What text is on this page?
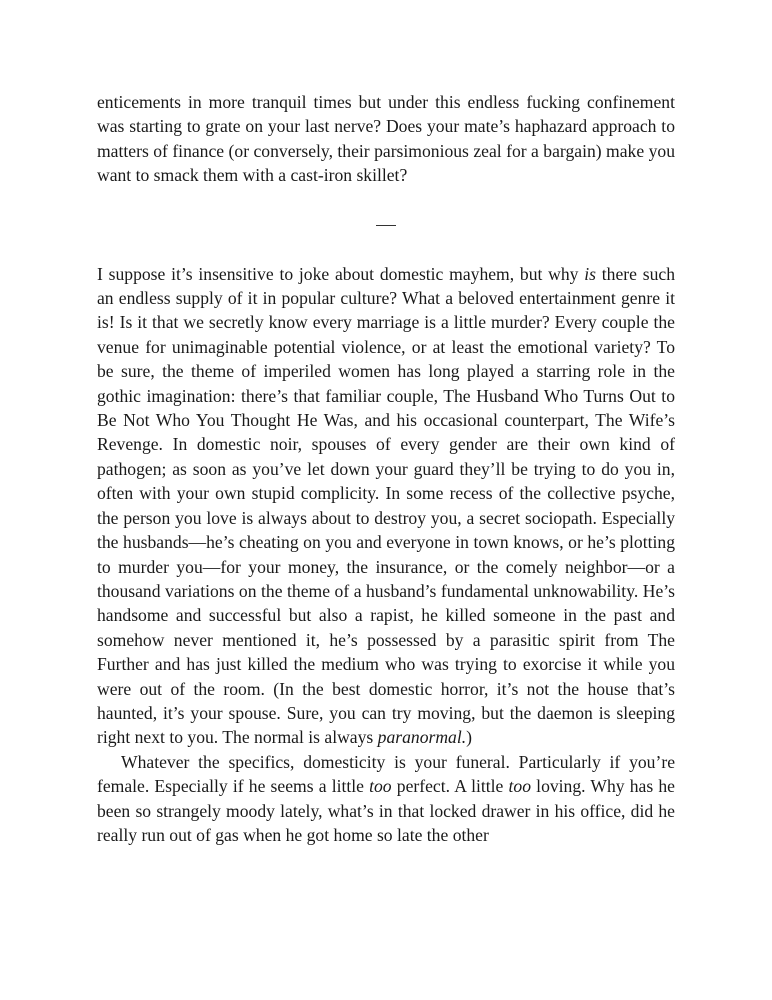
enticements in more tranquil times but under this endless fucking confinement was starting to grate on your last nerve? Does your mate’s haphazard approach to matters of finance (or conversely, their parsimonious zeal for a bargain) make you want to smack them with a cast-iron skillet?

I suppose it’s insensitive to joke about domestic mayhem, but why is there such an endless supply of it in popular culture? What a beloved entertainment genre it is! Is it that we secretly know every marriage is a little murder? Every couple the venue for unimaginable potential violence, or at least the emotional variety? To be sure, the theme of imperiled women has long played a starring role in the gothic imagination: there’s that familiar couple, The Husband Who Turns Out to Be Not Who You Thought He Was, and his occasional counterpart, The Wife’s Revenge. In domestic noir, spouses of every gender are their own kind of pathogen; as soon as you’ve let down your guard they’ll be trying to do you in, often with your own stupid complicity. In some recess of the collective psyche, the person you love is always about to destroy you, a secret sociopath. Especially the husbands—he’s cheating on you and everyone in town knows, or he’s plotting to murder you—for your money, the insurance, or the comely neighbor—or a thousand variations on the theme of a husband’s fundamental unknowability. He’s handsome and successful but also a rapist, he killed someone in the past and somehow never mentioned it, he’s possessed by a parasitic spirit from The Further and has just killed the medium who was trying to exorcise it while you were out of the room. (In the best domestic horror, it’s not the house that’s haunted, it’s your spouse. Sure, you can try moving, but the daemon is sleeping right next to you. The normal is always paranormal.)

Whatever the specifics, domesticity is your funeral. Particularly if you’re female. Especially if he seems a little too perfect. A little too loving. Why has he been so strangely moody lately, what’s in that locked drawer in his office, did he really run out of gas when he got home so late the other
